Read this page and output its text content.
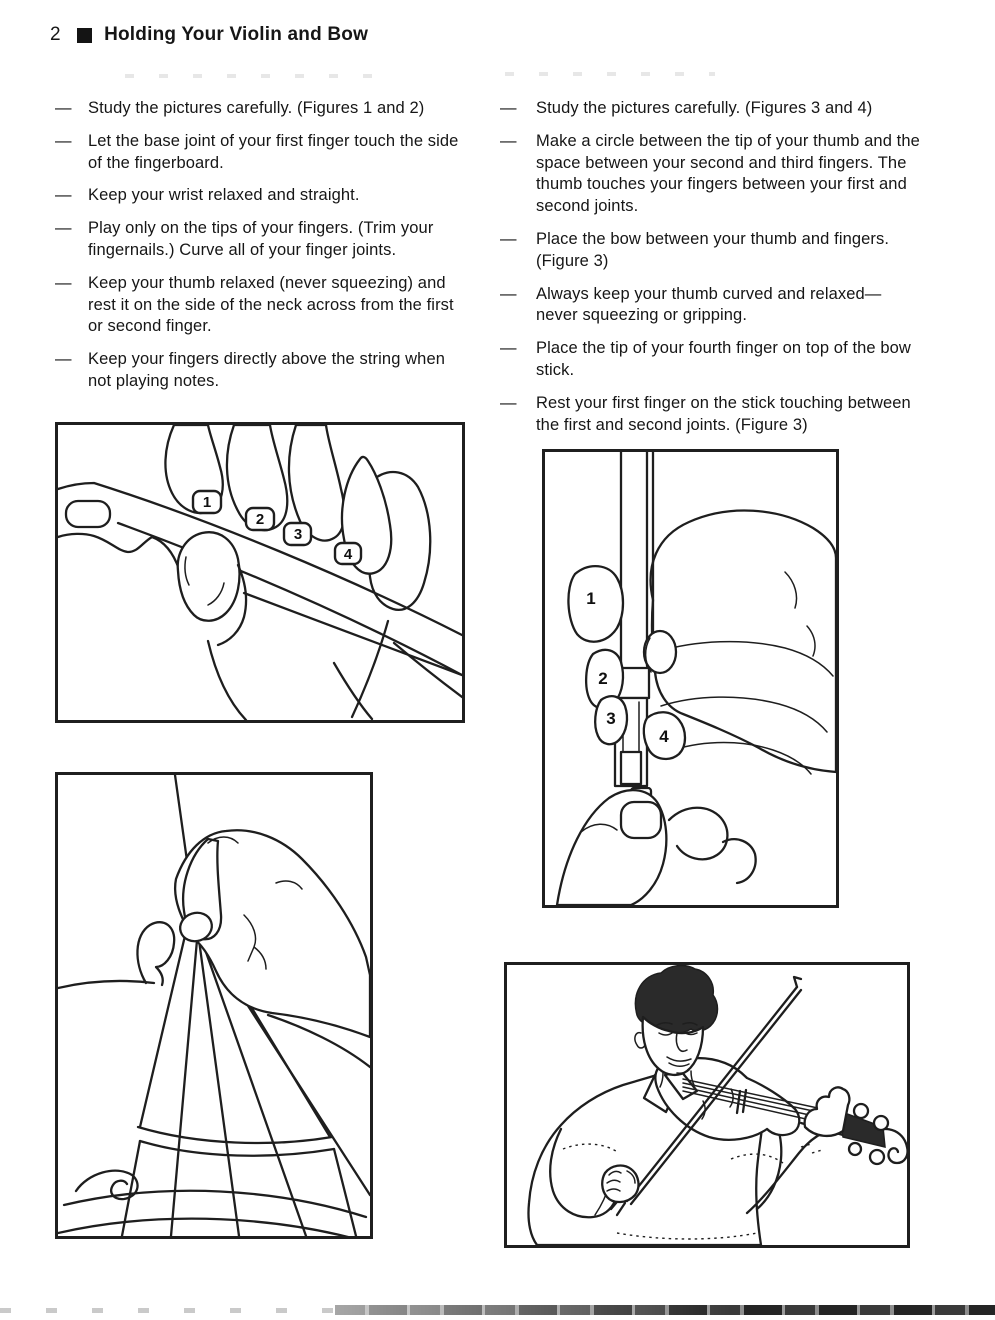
2 Holding Your Violin and Bow
—	Study the pictures carefully. (Figures 1 and 2)
—	Let the base joint of your first finger touch the side of the fingerboard.
—	Keep your wrist relaxed and straight.
—	Play only on the tips of your fingers. (Trim your fingernails.) Curve all of your finger joints.
—	Keep your thumb relaxed (never squeezing) and rest it on the side of the neck across from the first or second finger.
—	Keep your fingers directly above the string when not playing notes.
—	Study the pictures carefully. (Figures 3 and 4)
—	Make a circle between the tip of your thumb and the space between your second and third fingers. The thumb touches your fingers between your first and second joints.
—	Place the bow between your thumb and fingers. (Figure 3)
—	Always keep your thumb curved and relaxed—never squeezing or gripping.
—	Place the tip of your fourth finger on top of the bow stick.
—	Rest your first finger on the stick touching between the first and second joints. (Figure 3)
1
2
3
4
1
2
3
4
